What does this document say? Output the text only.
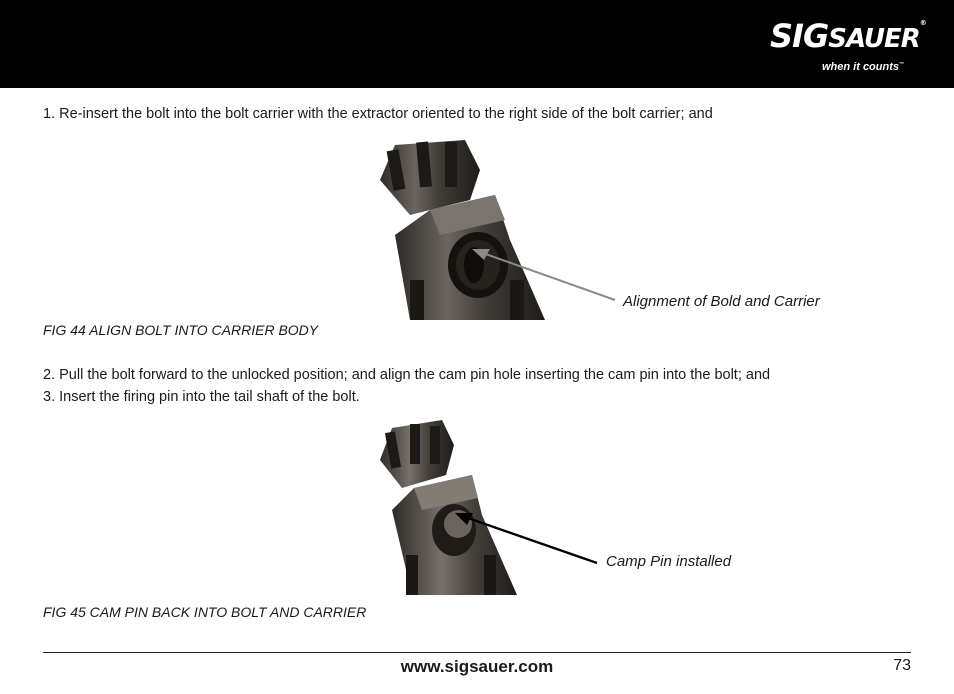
SIGSAUER®
when it counts™
1. Re-insert the bolt into the bolt carrier with the extractor oriented to the right side of the bolt carrier; and
Alignment of Bold and Carrier
FIG 44 ALIGN BOLT INTO CARRIER BODY
2. Pull the bolt forward to the unlocked position; and align the cam pin hole inserting the cam pin into the bolt; and
3. Insert the firing pin into the tail shaft of the bolt.
Camp Pin installed
FIG 45 CAM PIN BACK INTO BOLT AND CARRIER
www.sigsauer.com	73
